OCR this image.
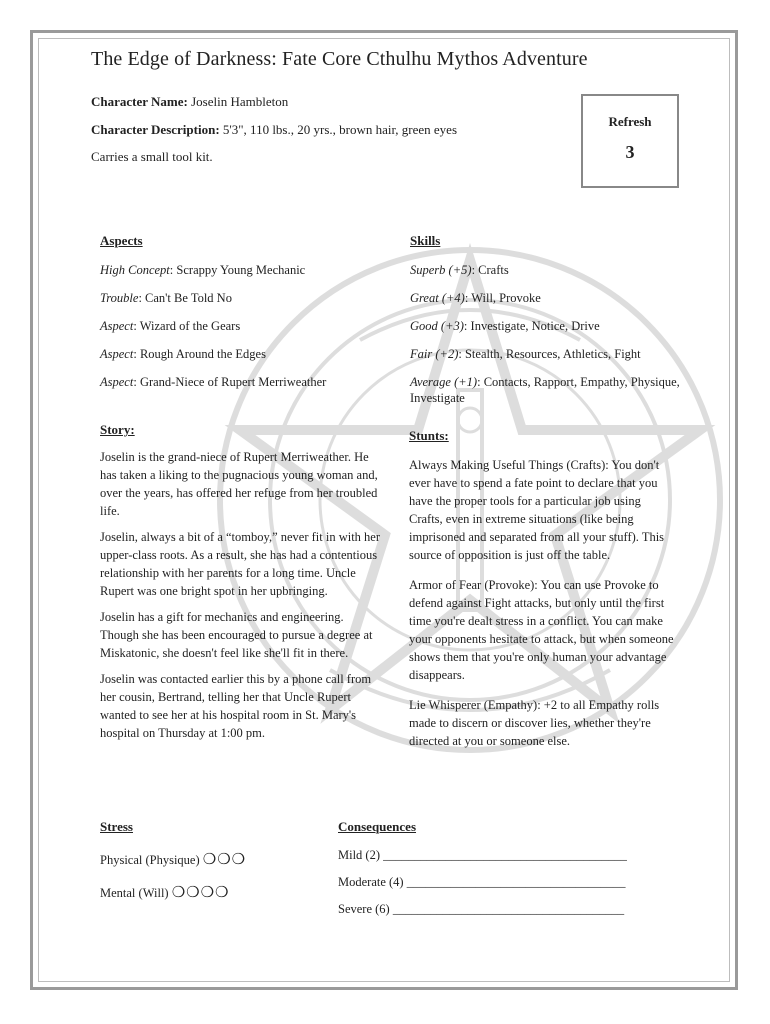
The Edge of Darkness: Fate Core Cthulhu Mythos Adventure
Character Name: Joselin Hambleton
Character Description: 5'3", 110 lbs., 20 yrs., brown hair, green eyes
Carries a small tool kit.
Refresh
3
Aspects
High Concept: Scrappy Young Mechanic
Trouble: Can't Be Told No
Aspect: Wizard of the Gears
Aspect: Rough Around the Edges
Aspect: Grand-Niece of Rupert Merriweather
Skills
Superb (+5): Crafts
Great (+4): Will, Provoke
Good (+3): Investigate, Notice, Drive
Fair (+2): Stealth, Resources, Athletics, Fight
Average (+1): Contacts, Rapport, Empathy, Physique, Investigate
Story:

Joselin is the grand-niece of Rupert Merriweather. He has taken a liking to the pugnacious young woman and, over the years, has offered her refuge from her troubled life.

Joselin, always a bit of a “tomboy,” never fit in with her upper-class roots. As a result, she has had a contentious relationship with her parents for a long time. Uncle Rupert was one bright spot in her upbringing.

Joselin has a gift for mechanics and engineering. Though she has been encouraged to pursue a degree at Miskatonic, she doesn't feel like she'll fit in there.

Joselin was contacted earlier this by a phone call from her cousin, Bertrand, telling her that Uncle Rupert wanted to see her at his hospital room in St. Mary's hospital on Thursday at 1:00 pm.

Stunts:

Always Making Useful Things (Crafts): You don't ever have to spend a fate point to declare that you have the proper tools for a particular job using Crafts, even in extreme situations (like being imprisoned and separated from all your stuff). This source of opposition is just off the table.

Armor of Fear (Provoke): You can use Provoke to defend against Fight attacks, but only until the first time you're dealt stress in a conflict. You can make your opponents hesitate to attack, but when someone shows them that you're only human your advantage disappears.

Lie Whisperer (Empathy): +2 to all Empathy rolls made to discern or discover lies, whether they're directed at you or someone else.

Stress
Physical (Physique) ❍❍❍
Mental (Will) ❍❍❍❍
Consequences
Mild (2) _______________________________________
Moderate (4) ___________________________________
Severe (6) _____________________________________
